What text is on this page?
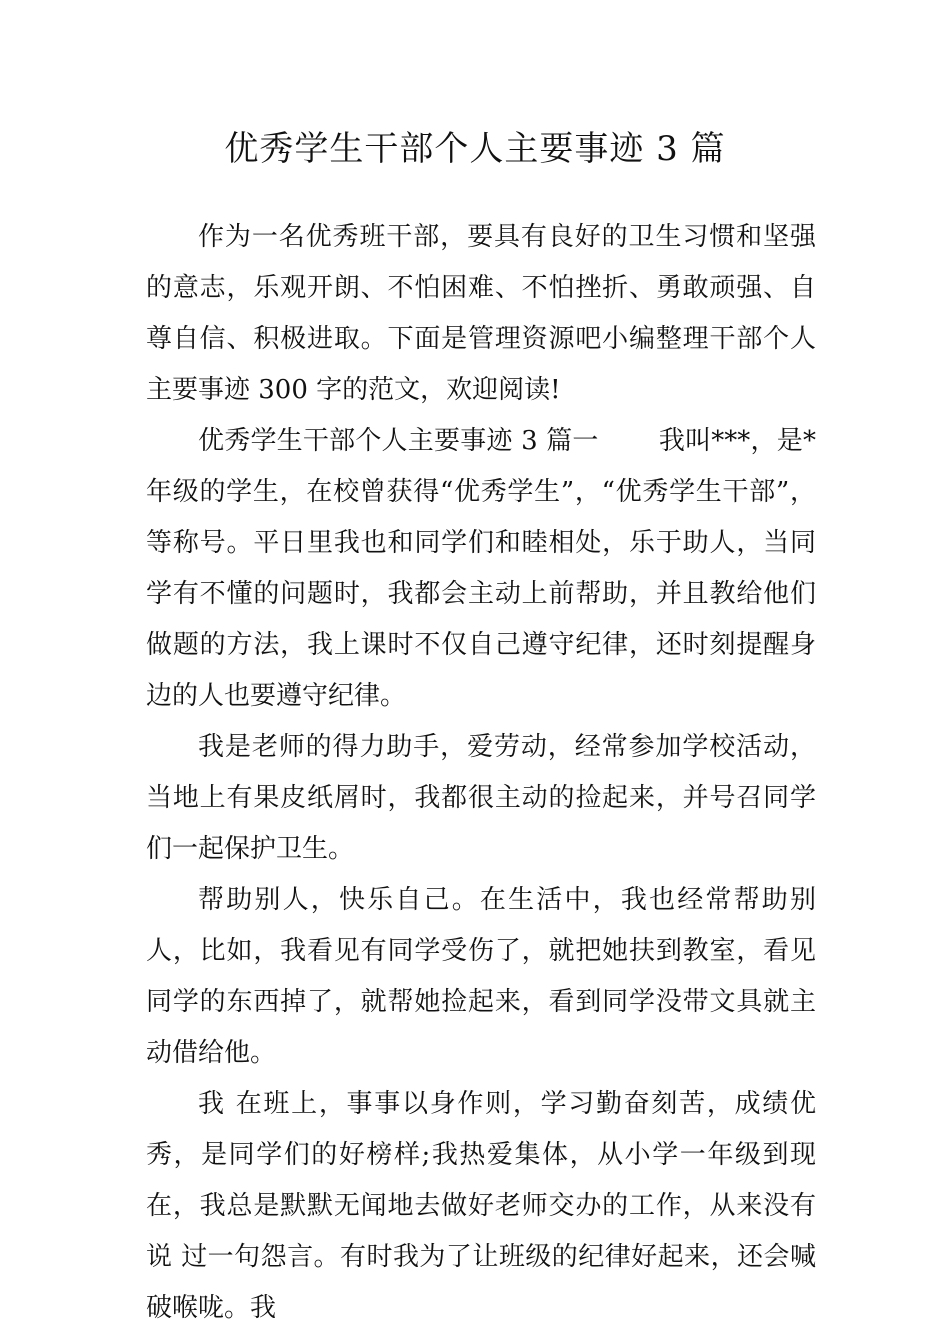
优秀学生干部个人主要事迹 3 篇

作为一名优秀班干部，要具有良好的卫生习惯和坚强的意志，乐观开朗、不怕困难、不怕挫折、勇敢顽强、自尊自信、积极进取。下面是管理资源吧小编整理干部个人主要事迹 300 字的范文，欢迎阅读!

优秀学生干部个人主要事迹 3 篇一 我叫***，是*年级的学生，在校曾获得“优秀学生”，“优秀学生干部”，等称号。平日里我也和同学们和睦相处，乐于助人，当同学有不懂的问题时，我都会主动上前帮助，并且教给他们做题的方法，我上课时不仅自己遵守纪律，还时刻提醒身边的人也要遵守纪律。

我是老师的得力助手，爱劳动，经常参加学校活动，当地上有果皮纸屑时，我都很主动的捡起来，并号召同学们一起保护卫生。

帮助别人，快乐自己。在生活中，我也经常帮助别人，比如，我看见有同学受伤了，就把她扶到教室，看见同学的东西掉了，就帮她捡起来，看到同学没带文具就主动借给他。

我 在班上，事事以身作则，学习勤奋刻苦，成绩优秀，是同学们的好榜样;我热爱集体，从小学一年级到现在，我总是默默无闻地去做好老师交办的工作，从来没有说 过一句怨言。有时我为了让班级的纪律好起来，还会喊破喉咙。我
